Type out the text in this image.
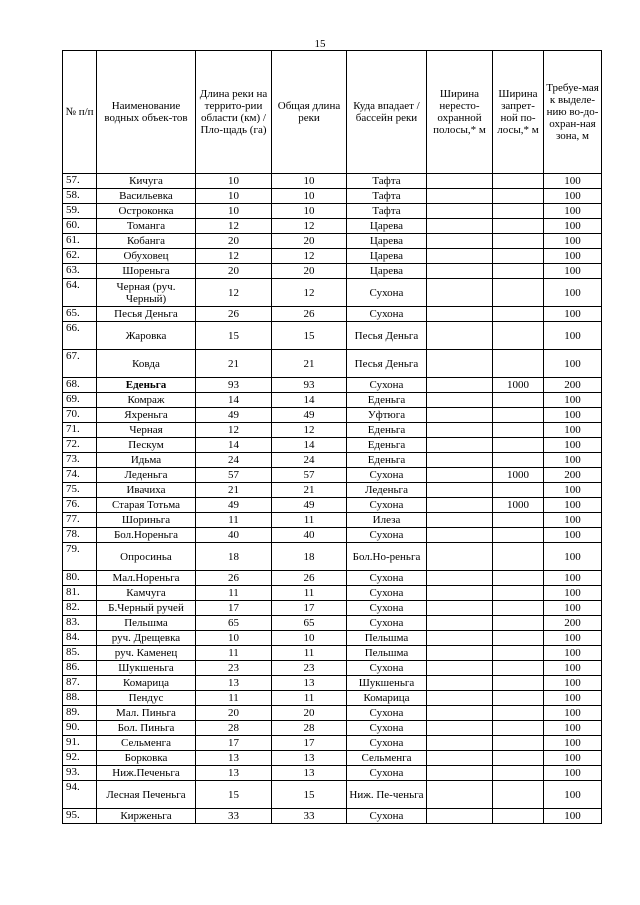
15
№ п/п	Наименование водных объек-тов	Длина реки на террито-рии области (км) / Пло-щадь (га)	Общая длина реки	Куда впадает / бассейн реки	Ширина нересто-охранной полосы,* м	Ширина запрет-ной по-лосы,* м	Требуе-мая к выделе-нию во-до-охран-ная зона, м
57.	Кичуга	10	10	Тафта			100
58.	Васильевка	10	10	Тафта			100
59.	Остроконка	10	10	Тафта			100
60.	Томанга	12	12	Царева			100
61.	Кобанга	20	20	Царева			100
62.	Обуховец	12	12	Царева			100
63.	Шореньга	20	20	Царева			100
64.	Черная (руч. Черный)	12	12	Сухона			100
65.	Песья Деньга	26	26	Сухона			100
66.	Жаровка	15	15	Песья Деньга			100
67.	Ковда	21	21	Песья Деньга			100
68.	Еденьга	93	93	Сухона		1000	200
69.	Комраж	14	14	Еденьга			100
70.	Яхреньга	49	49	Уфтюга			100
71.	Черная	12	12	Еденьга			100
72.	Пескум	14	14	Еденьга			100
73.	Идьма	24	24	Еденьга			100
74.	Леденьга	57	57	Сухона		1000	200
75.	Ивачиха	21	21	Леденьга			100
76.	Старая Тотьма	49	49	Сухона		1000	100
77.	Шориньга	11	11	Илеза			100
78.	Бол.Нореньга	40	40	Сухона			100
79.	Опросиньа	18	18	Бол.Но-реньга			100
80.	Мал.Нореньга	26	26	Сухона			100
81.	Камчуга	11	11	Сухона			100
82.	Б.Черный ручей	17	17	Сухона			100
83.	Пельшма	65	65	Сухона			200
84.	руч. Дрещевка	10	10	Пельшма			100
85.	руч. Каменец	11	11	Пельшма			100
86.	Шукшеньга	23	23	Сухона			100
87.	Комарица	13	13	Шукшеньга			100
88.	Пендус	11	11	Комарица			100
89.	Мал. Пиньга	20	20	Сухона			100
90.	Бол. Пиньга	28	28	Сухона			100
91.	Сельменга	17	17	Сухона			100
92.	Борковка	13	13	Сельменга			100
93.	Ниж.Печеньга	13	13	Сухона			100
94.	Лесная Печеньга	15	15	Ниж. Пе-ченьга			100
95.	Кирженьга	33	33	Сухона			100
